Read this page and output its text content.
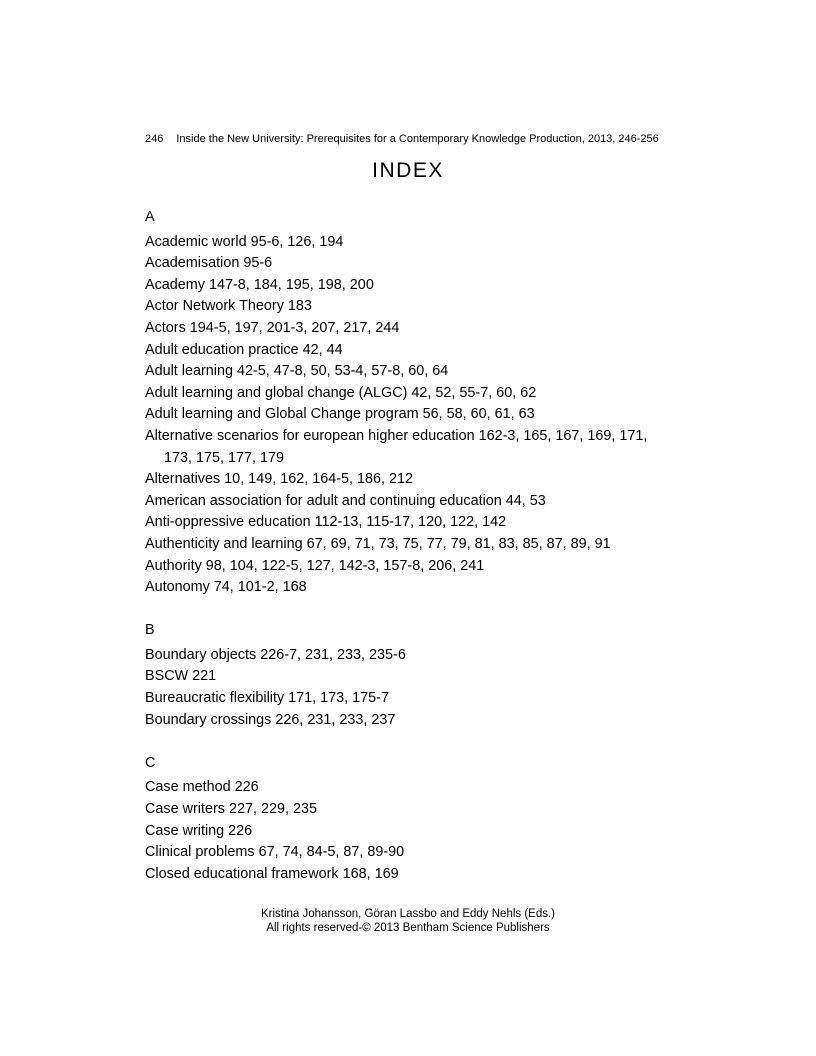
246 Inside the New University: Prerequisites for a Contemporary Knowledge Production, 2013, 246-256
INDEX
A
Academic world 95-6, 126, 194
Academisation 95-6
Academy 147-8, 184, 195, 198, 200
Actor Network Theory 183
Actors 194-5, 197, 201-3, 207, 217, 244
Adult education practice 42, 44
Adult learning 42-5, 47-8, 50, 53-4, 57-8, 60, 64
Adult learning and global change (ALGC) 42, 52, 55-7, 60, 62
Adult learning and Global Change program 56, 58, 60, 61, 63
Alternative scenarios for european higher education 162-3, 165, 167, 169, 171, 173, 175, 177, 179
Alternatives 10, 149, 162, 164-5, 186, 212
American association for adult and continuing education 44, 53
Anti-oppressive education 112-13, 115-17, 120, 122, 142
Authenticity and learning 67, 69, 71, 73, 75, 77, 79, 81, 83, 85, 87, 89, 91
Authority 98, 104, 122-5, 127, 142-3, 157-8, 206, 241
Autonomy 74, 101-2, 168
B
Boundary objects 226-7, 231, 233, 235-6
BSCW 221
Bureaucratic flexibility 171, 173, 175-7
Boundary crossings 226, 231, 233, 237
C
Case method 226
Case writers 227, 229, 235
Case writing 226
Clinical problems 67, 74, 84-5, 87, 89-90
Closed educational framework 168, 169
Kristina Johansson, Göran Lassbo and Eddy Nehls (Eds.)
All rights reserved-© 2013 Bentham Science Publishers
